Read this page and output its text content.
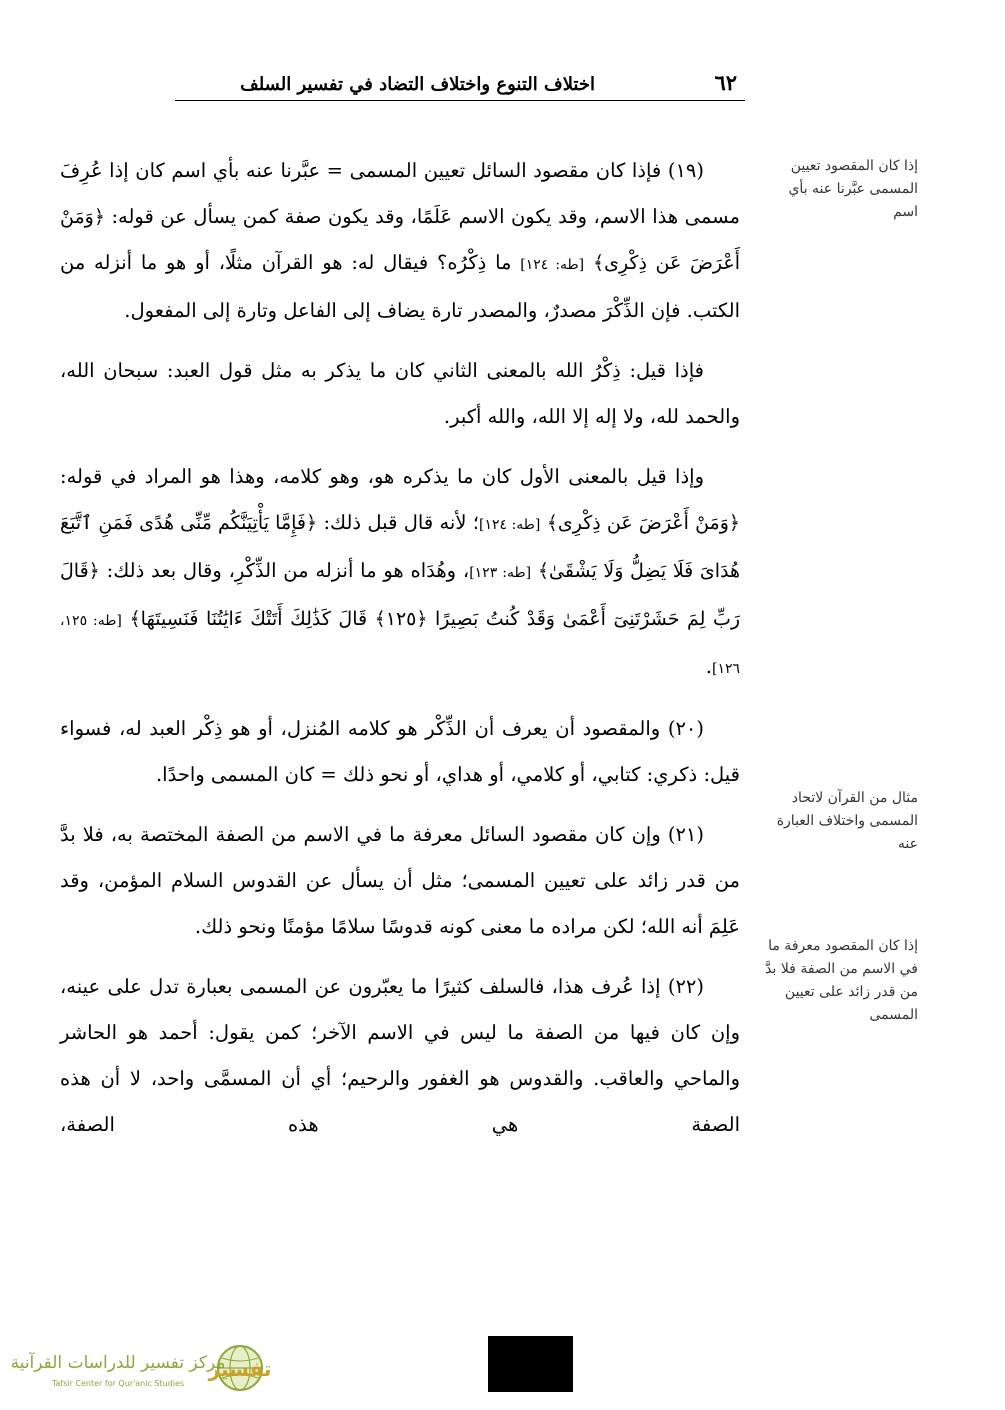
٦٢
اختلاف التنوع واختلاف التضاد في تفسير السلف
إذا كان المقصود تعيين المسمى عبَّرنا عنه بأي اسم
مثال من القرآن لاتحاد المسمى واختلاف العبارة عنه
إذا كان المقصود معرفة ما في الاسم من الصفة فلا بدَّ من قدر زائد على تعيين المسمى

(١٩) فإذا كان مقصود السائل تعيين المسمى = عبَّرنا عنه بأي اسم كان إذا عُرِفَ مسمى هذا الاسم، وقد يكون الاسم عَلَمًا، وقد يكون صفة كمن يسأل عن قوله: ﴿وَمَنْ أَعْرَضَ عَن ذِكْرِى﴾ [طه: ١٢٤] ما ذِكْرُه؟ فيقال له: هو القرآن مثلًا، أو هو ما أنزله من الكتب. فإن الذِّكْرَ مصدرٌ، والمصدر تارة يضاف إلى الفاعل وتارة إلى المفعول.

فإذا قيل: ذِكْرُ الله بالمعنى الثاني كان ما يذكر به مثل قول العبد: سبحان الله، والحمد لله، ولا إله إلا الله، والله أكبر.

وإذا قيل بالمعنى الأول كان ما يذكره هو، وهو كلامه، وهذا هو المراد في قوله: ﴿وَمَنْ أَعْرَضَ عَن ذِكْرِى﴾ [طه: ١٢٤]؛ لأنه قال قبل ذلك: ﴿فَإِمَّا يَأْتِيَنَّكُم مِّنِّى هُدًى فَمَنِ ٱتَّبَعَ هُدَاىَ فَلَا يَضِلُّ وَلَا يَشْقَىٰ﴾ [طه: ١٢٣]، وهُدَاه هو ما أنزله من الذِّكْرِ، وقال بعد ذلك: ﴿قَالَ رَبِّ لِمَ حَشَرْتَنِىٓ أَعْمَىٰ وَقَدْ كُنتُ بَصِيرًا ﴿١٢٥﴾ قَالَ كَذَٰلِكَ أَتَتْكَ ءَايَٰتُنَا فَنَسِيتَهَا﴾ [طه: ١٢٥، ١٢٦].

(٢٠) والمقصود أن يعرف أن الذِّكْر هو كلامه المُنزل، أو هو ذِكْر العبد له، فسواء قيل: ذكري: كتابي، أو كلامي، أو هداي، أو نحو ذلك = كان المسمى واحدًا.

(٢١) وإن كان مقصود السائل معرفة ما في الاسم من الصفة المختصة به، فلا بدَّ من قدر زائد على تعيين المسمى؛ مثل أن يسأل عن القدوس السلام المؤمن، وقد عَلِمَ أنه الله؛ لكن مراده ما معنى كونه قدوسًا سلامًا مؤمنًا ونحو ذلك.

(٢٢) إذا عُرف هذا، فالسلف كثيرًا ما يعبّرون عن المسمى بعبارة تدل على عينه، وإن كان فيها من الصفة ما ليس في الاسم الآخر؛ كمن يقول: أحمد هو الحاشر والماحي والعاقب. والقدوس هو الغفور والرحيم؛ أي أن المسمَّى واحد، لا أن هذه الصفة هي هذه الصفة،

تفسير
مركز تفسير للدراسات القرآنية
Tafsir Center for Qur'anic Studies
